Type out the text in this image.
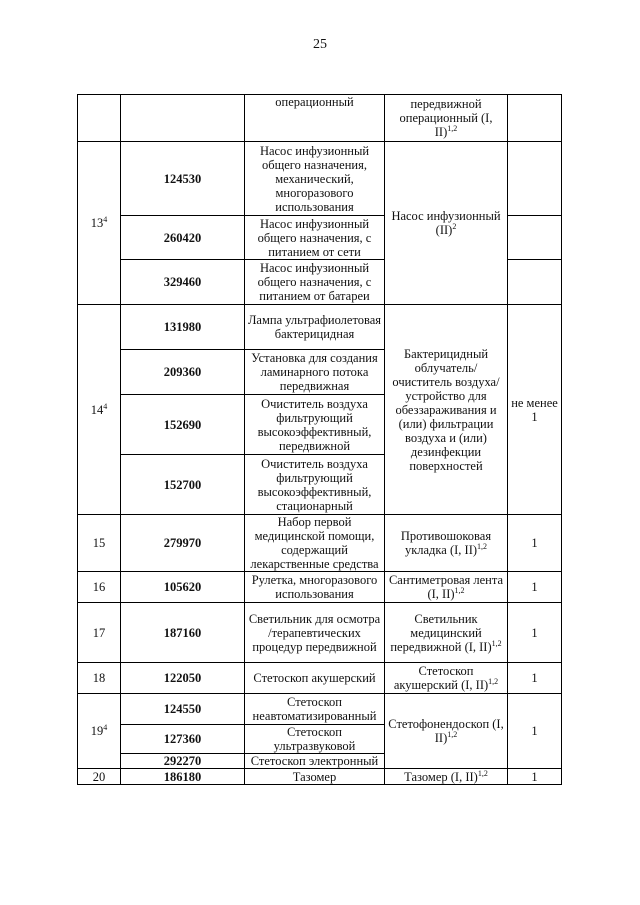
25
		операционный	передвижной операционный (I, II)$^{1,2}$	
$13^4$	124530	Насос инфузионный общего назначения, механический, многоразового использования	Насос инфузионный (II)$^2$	
	260420	Насос инфузионный общего назначения, с питанием от сети		
	329460	Насос инфузионный общего назначения, с питанием от батареи		
$14^4$	131980	Лампа ультрафиолетовая бактерицидная	Бактерицидный облучатель/ очиститель воздуха/ устройство для обеззараживания и (или) фильтрации воздуха и (или) дезинфекции поверхностей	не менее 1
	209360	Установка для создания ламинарного потока передвижная		
	152690	Очиститель воздуха фильтрующий высокоэффективный, передвижной		
	152700	Очиститель воздуха фильтрующий высокоэффективный, стационарный		
15	279970	Набор первой медицинской помощи, содержащий лекарственные средства	Противошоковая укладка (I, II)$^{1,2}$	1
16	105620	Рулетка, многоразового использования	Сантиметровая лента (I, II)$^{1,2}$	1
17	187160	Светильник для осмотра /терапевтических процедур передвижной	Светильник медицинский передвижной (I, II)$^{1,2}$	1
18	122050	Стетоскоп акушерский	Стетоскоп акушерский (I, II)$^{1,2}$	1
$19^4$	124550	Стетоскоп неавтоматизированный	Стетофонендоскоп (I, II)$^{1,2}$	1
	127360	Стетоскоп ультразвуковой		
	292270	Стетоскоп электронный		
20	186180	Тазомер	Тазомер (I, II)$^{1,2}$	1
